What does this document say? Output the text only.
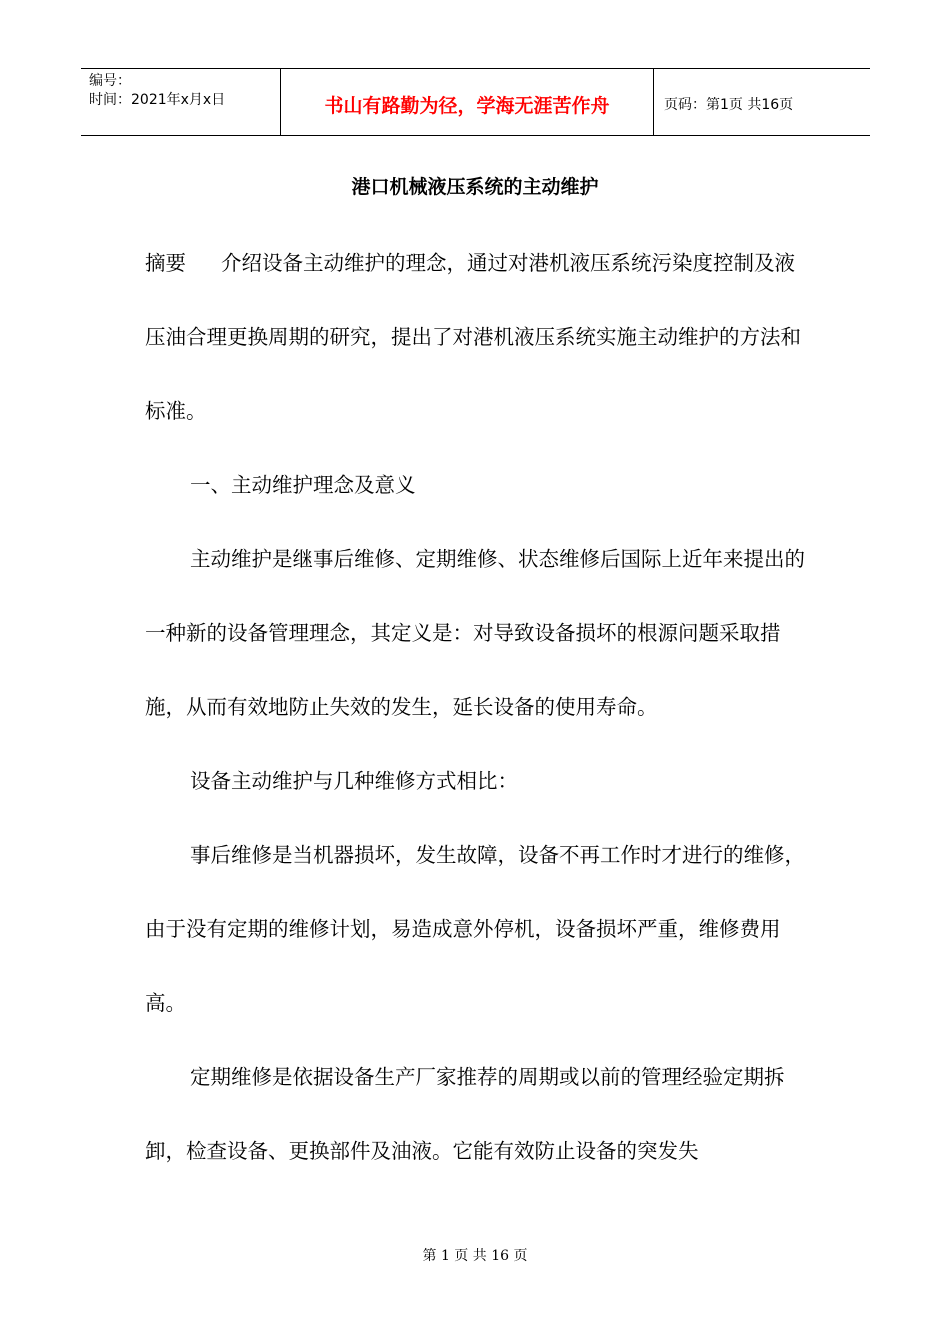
编号：
时间：2021年x月x日	书山有路勤为径，学海无涯苦作舟	页码：第1页 共16页
港口机械液压系统的主动维护

摘要 介绍设备主动维护的理念，通过对港机液压系统污染度控制及液压油合理更换周期的研究，提出了对港机液压系统实施主动维护的方法和标准。

一、主动维护理念及意义

主动维护是继事后维修、定期维修、状态维修后国际上近年来提出的一种新的设备管理理念，其定义是：对导致设备损坏的根源问题采取措施，从而有效地防止失效的发生，延长设备的使用寿命。

设备主动维护与几种维修方式相比：

事后维修是当机器损坏，发生故障，设备不再工作时才进行的维修，由于没有定期的维修计划，易造成意外停机，设备损坏严重，维修费用高。

定期维修是依据设备生产厂家推荐的周期或以前的管理经验定期拆卸，检查设备、更换部件及油液。它能有效防止设备的突发失

第 1 页 共 16 页
